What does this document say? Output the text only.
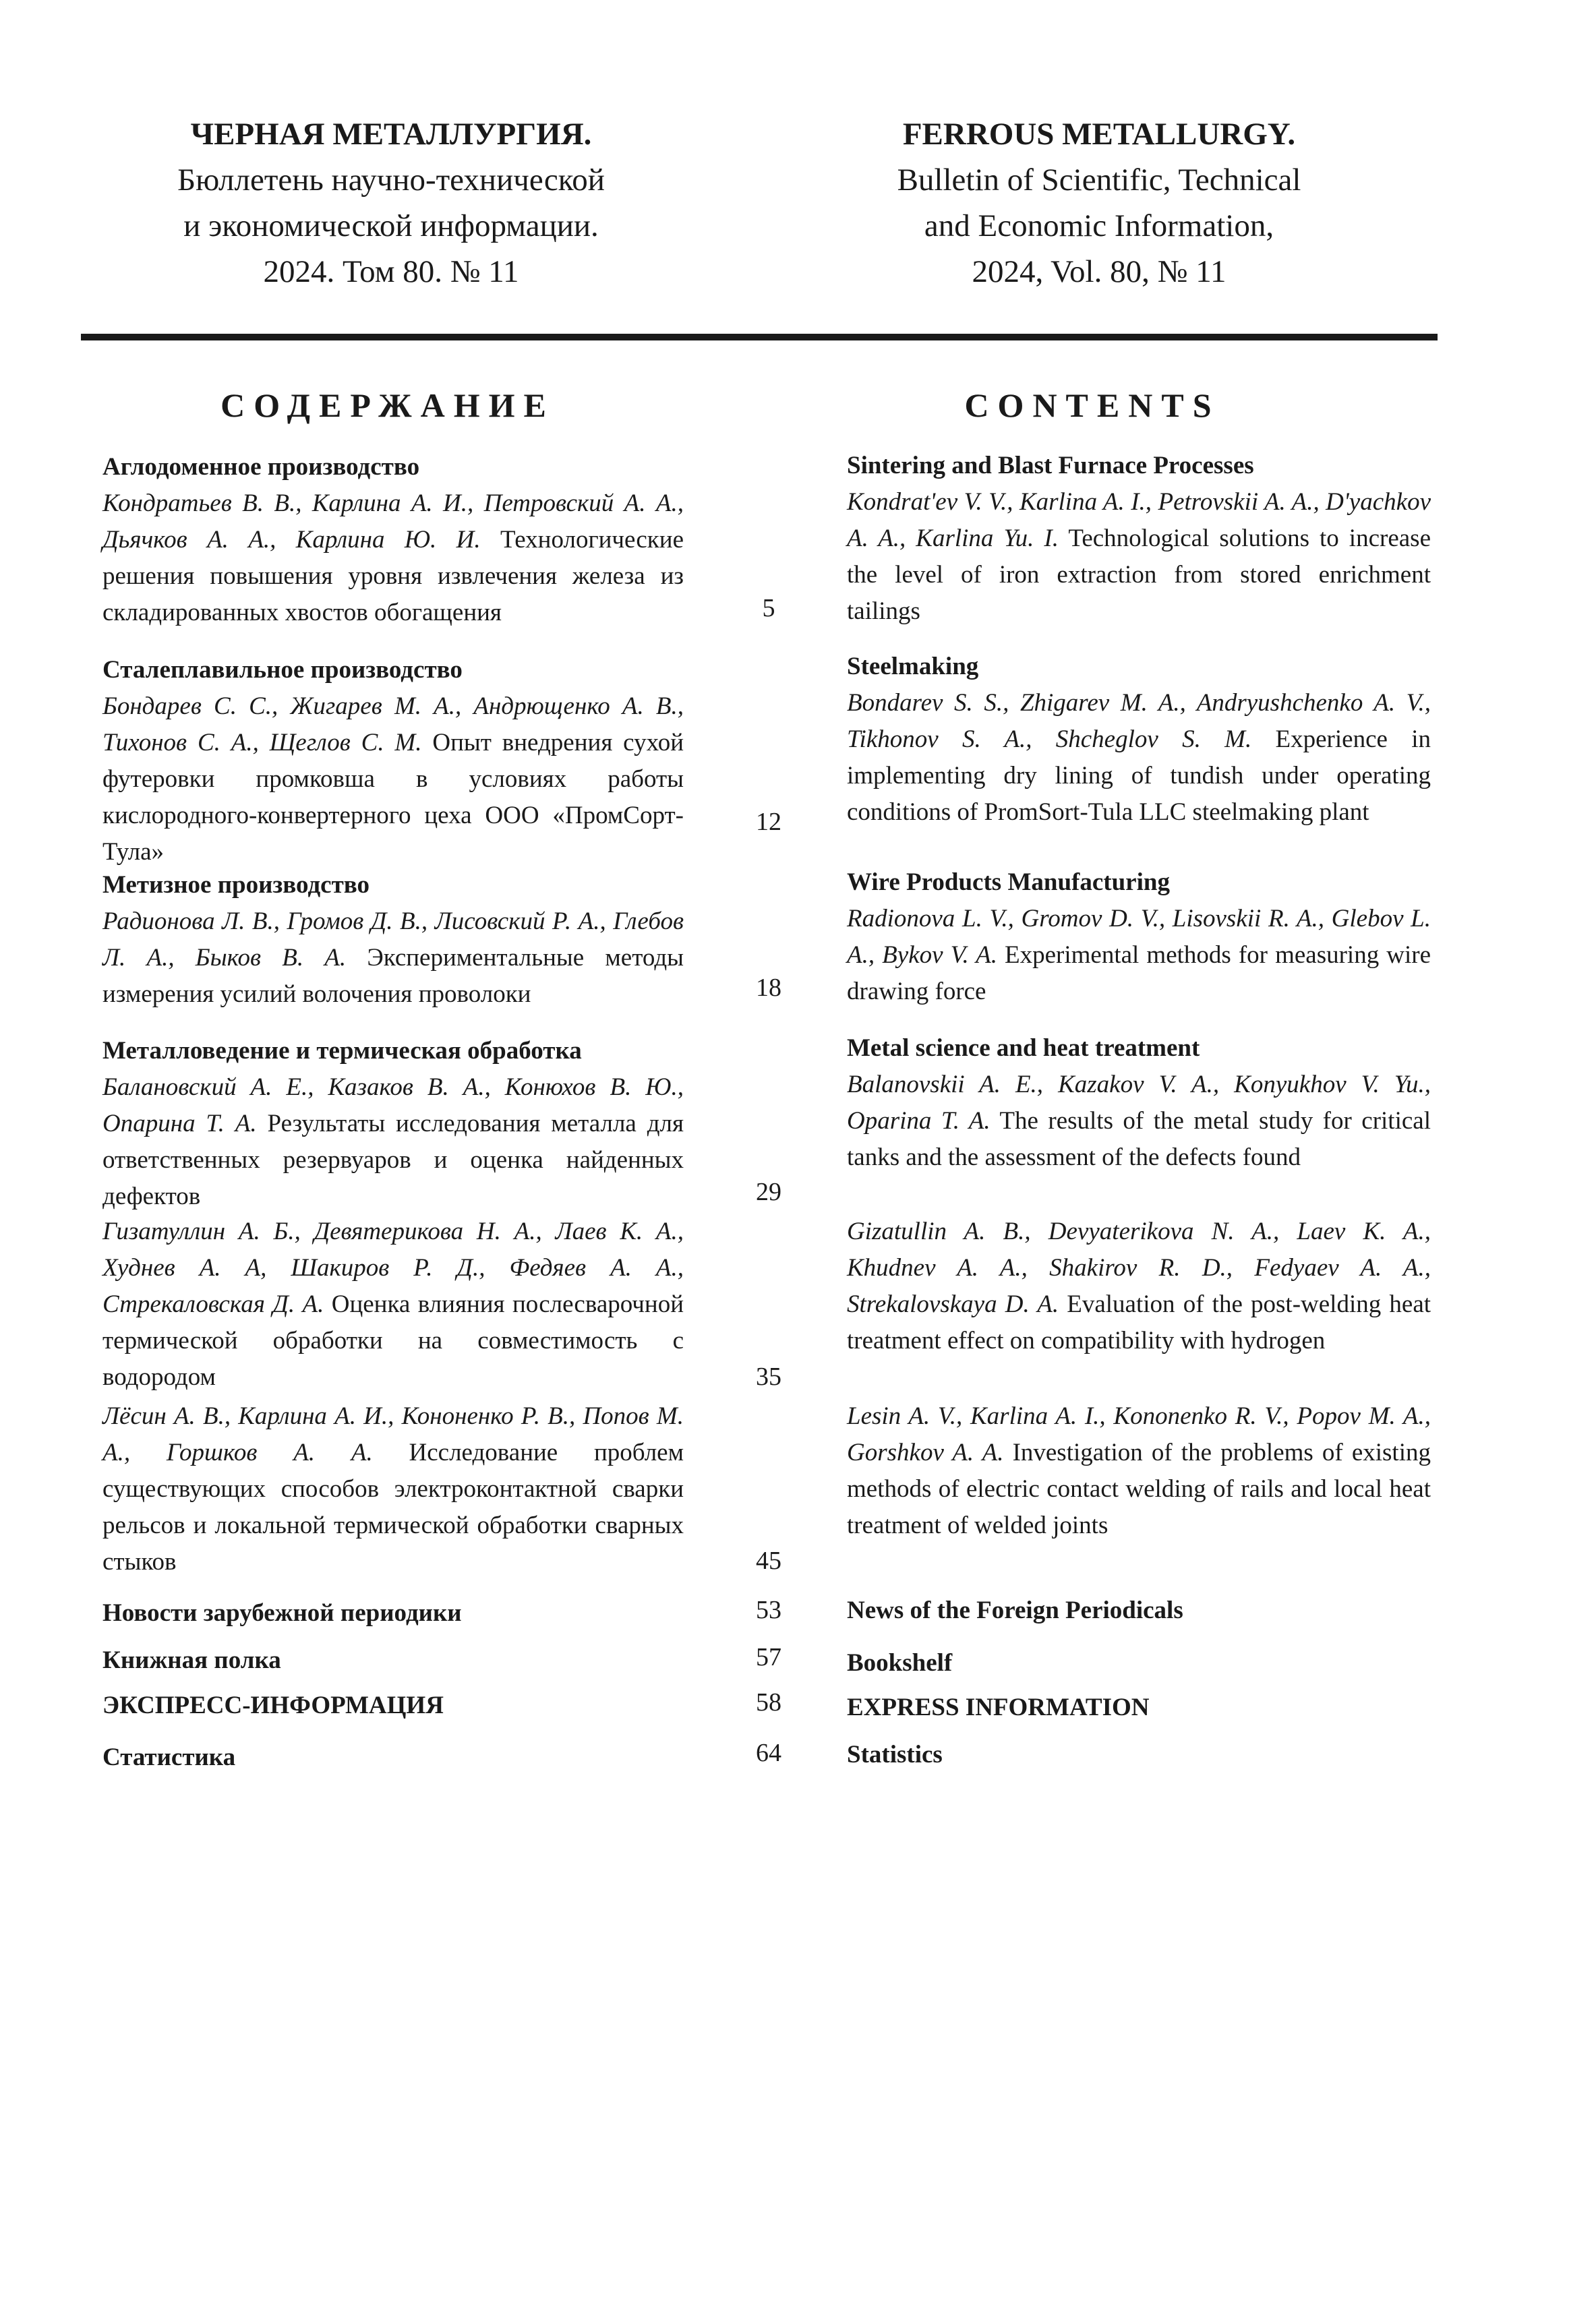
ЧЕРНАЯ МЕТАЛЛУРГИЯ.
Бюллетень научно-технической
и экономической информации.
2024. Том 80. № 11
FERROUS METALLURGY.
Bulletin of Scientific, Technical
and Economic Information,
2024, Vol. 80, № 11
СОДЕРЖАНИЕ	CONTENTS
Аглодоменное производство
Кондратьев В. В., Карлина А. И., Петровский А. А., Дьячков А. А., Карлина Ю. И. Технологические решения повышения уровня извлечения железа из складированных хвостов обогащения
Сталеплавильное производство
Бондарев С. С., Жигарев М. А., Андрющенко А. В., Тихонов С. А., Щеглов С. М. Опыт внедрения сухой футеровки промковша в условиях работы кислородного-конвертерного цеха ООО «ПромСорт-Тула»
Метизное производство
Радионова Л. В., Громов Д. В., Лисовский Р. А., Глебов Л. А., Быков В. А. Экспериментальные методы измерения усилий волочения проволоки
Металловедение и термическая обработка
Балановский А. Е., Казаков В. А., Конюхов В. Ю., Опарина Т. А. Результаты исследования металла для ответственных резервуаров и оценка найденных дефектов
Гизатуллин А. Б., Девятерикова Н. А., Лаев К. А., Худнев А. А, Шакиров Р. Д., Федяев А. А., Стрекаловская Д. А. Оценка влияния послесварочной термической обработки на совместимость с водородом
Лёсин А. В., Карлина А. И., Кононенко Р. В., Попов М. А., Горшков А. А. Исследование проблем существующих способов электроконтактной сварки рельсов и локальной термической обработки сварных стыков
Новости зарубежной периодики
Книжная полка
ЭКСПРЕСС-ИНФОРМАЦИЯ
Статистика
5
12
18
29
35
45
53
57
58
64
Sintering and Blast Furnace Processes
Kondrat'ev V. V., Karlina A. I., Petrovskii A. A., D'yachkov A. A., Karlina Yu. I. Technological solutions to increase the level of iron extraction from stored enrichment tailings
Steelmaking
Bondarev S. S., Zhigarev M. A., Andryushchenko A. V., Tikhonov S. A., Shcheglov S. M. Experience in implementing dry lining of tundish under operating conditions of PromSort-Tula LLC steelmaking plant
Wire Products Manufacturing
Radionova L. V., Gromov D. V., Lisovskii R. A., Glebov L. A., Bykov V. A. Experimental methods for measuring wire drawing force
Metal science and heat treatment
Balanovskii A. E., Kazakov V. A., Konyukhov V. Yu., Oparina T. A. The results of the metal study for critical tanks and the assessment of the defects found
Gizatullin A. B., Devyaterikova N. A., Laev K. A., Khudnev A. A., Shakirov R. D., Fedyaev A. A., Strekalovskaya D. A. Evaluation of the post-welding heat treatment effect on compatibility with hydrogen
Lesin A. V., Karlina A. I., Kononenko R. V., Popov M. A., Gorshkov A. A. Investigation of the problems of existing methods of electric contact welding of rails and local heat treatment of welded joints
News of the Foreign Periodicals
Bookshelf
EXPRESS INFORMATION
Statistics
